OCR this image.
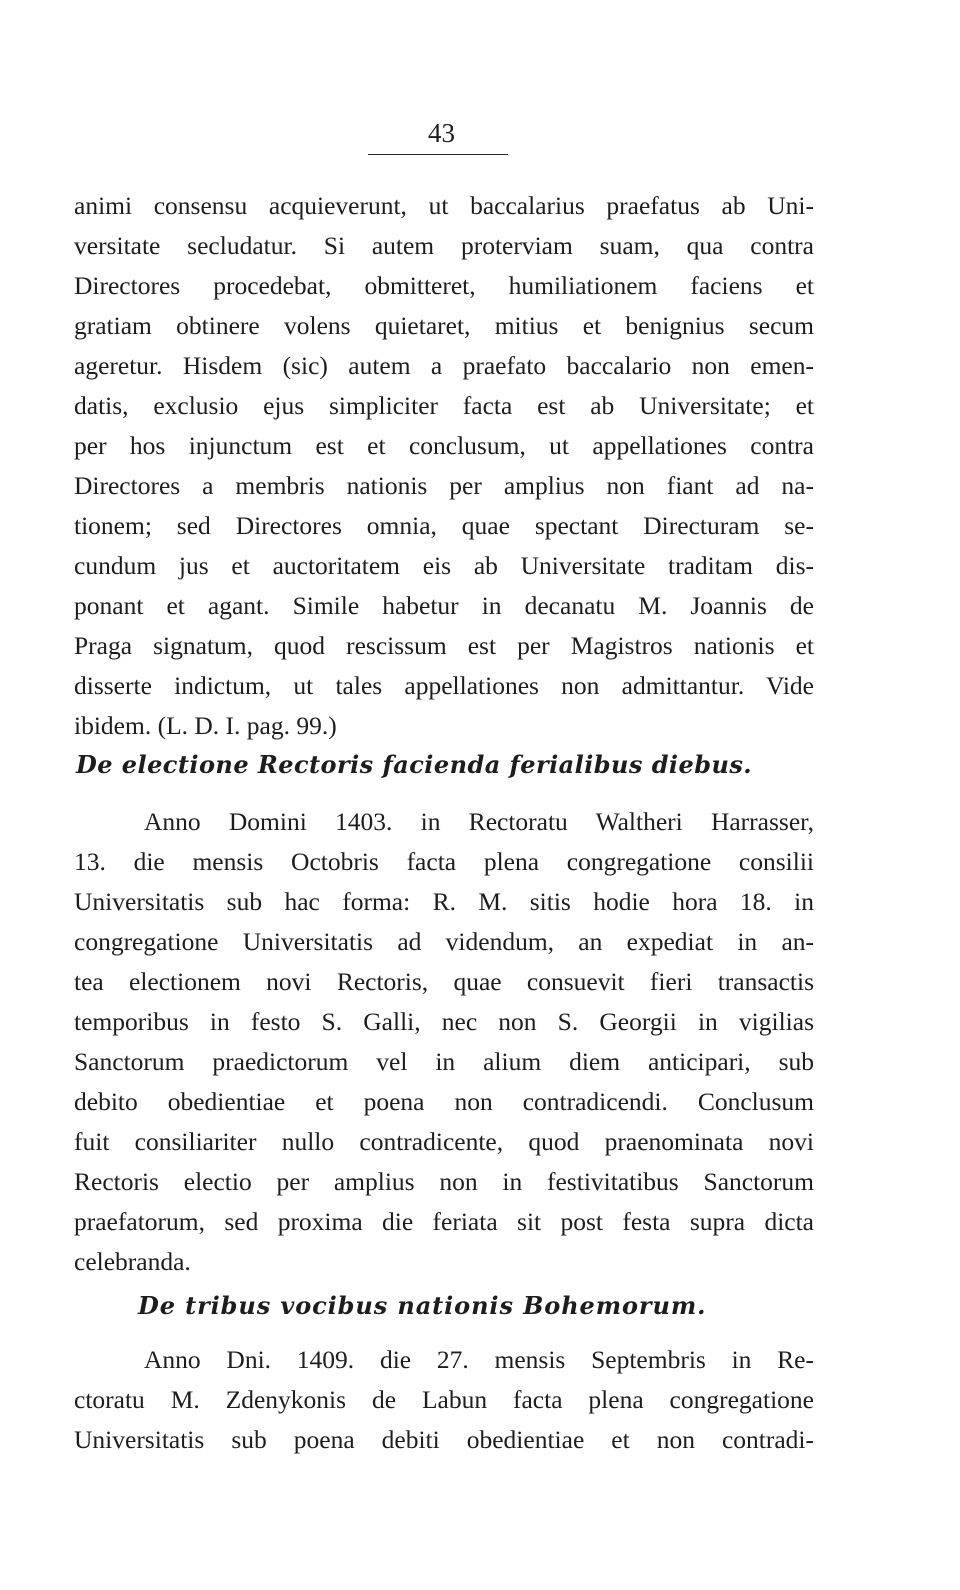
43
animi consensu acquieverunt, ut baccalarius praefatus ab Uni-
versitate secludatur. Si autem proterviam suam, qua contra
Directores procedebat, obmitteret, humiliationem faciens et
gratiam obtinere volens quietaret, mitius et benignius secum
ageretur. Hisdem (sic) autem a praefato baccalario non emen-
datis, exclusio ejus simpliciter facta est ab Universitate; et
per hos injunctum est et conclusum, ut appellationes contra
Directores a membris nationis per amplius non fiant ad na-
tionem; sed Directores omnia, quae spectant Directuram se-
cundum jus et auctoritatem eis ab Universitate traditam dis-
ponant et agant. Simile habetur in decanatu M. Joannis de
Praga signatum, quod rescissum est per Magistros nationis et
disserte indictum, ut tales appellationes non admittantur. Vide
ibidem. (L. D. I. pag. 99.)
De electione Rectoris facienda ferialibus diebus.
Anno Domini 1403. in Rectoratu Waltheri Harrasser,
13. die mensis Octobris facta plena congregatione consilii
Universitatis sub hac forma: R. M. sitis hodie hora 18. in
congregatione Universitatis ad videndum, an expediat in an-
tea electionem novi Rectoris, quae consuevit fieri transactis
temporibus in festo S. Galli, nec non S. Georgii in vigilias
Sanctorum praedictorum vel in alium diem anticipari, sub
debito obedientiae et poena non contradicendi. Conclusum
fuit consiliariter nullo contradicente, quod praenominata novi
Rectoris electio per amplius non in festivitatibus Sanctorum
praefatorum, sed proxima die feriata sit post festa supra dicta
celebranda.
De tribus vocibus nationis Bohemorum.
Anno Dni. 1409. die 27. mensis Septembris in Re-
ctoratu M. Zdenykonis de Labun facta plena congregatione
Universitatis sub poena debiti obedientiae et non contradi-
